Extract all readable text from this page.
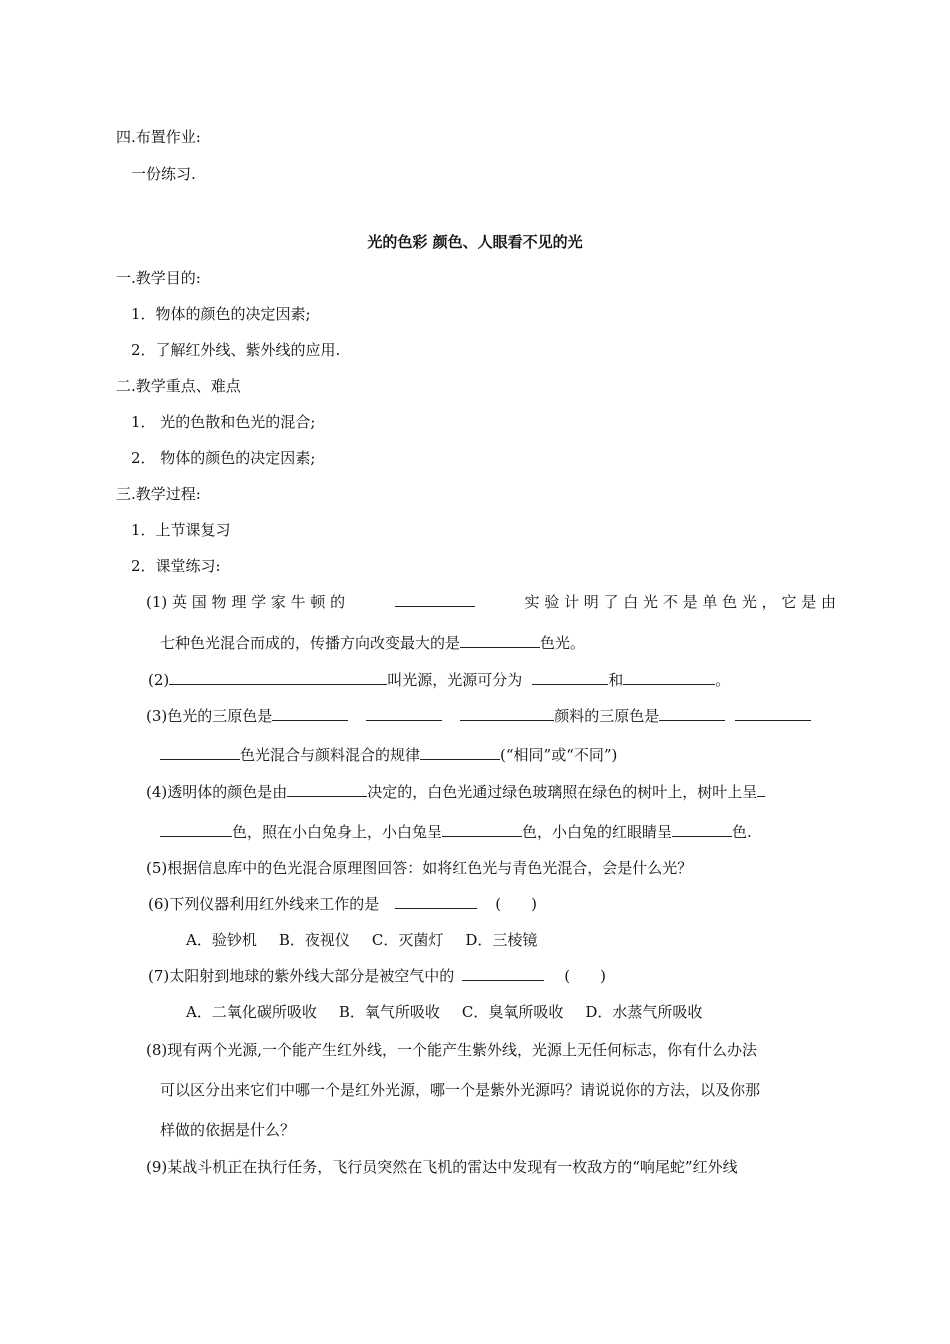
四.布置作业:
一份练习.
光的色彩 颜色、人眼看不见的光
一.教学目的:
1．物体的颜色的决定因素;
2．了解红外线、紫外线的应用.
二.教学重点、难点
1． 光的色散和色光的混合;
2． 物体的颜色的决定因素;
三.教学过程:
1．上节课复习
2．课堂练习:
(1) 英 国 物 理 学 家 牛 顿 的	实 验 计 明 了 白 光 不 是 单 色 光 ， 它 是 由
七种色光混合而成的，传播方向改变最大的是	色光。
(2)	叫光源，光源可分为	和	。
(3)色光的三原色是	颜料的三原色是
色光混合与颜料混合的规律	(“相同”或“不同”)
(4)透明体的颜色是由	决定的，白色光通过绿色玻璃照在绿色的树叶上，树叶上呈
色，照在小白兔身上，小白兔呈	色，小白兔的红眼睛呈	色.
(5)根据信息库中的色光混合原理图回答：如将红色光与青色光混合，会是什么光？
(6)下列仪器利用红外线来工作的是	(　　)
A．验钞机 B．夜视仪 C．灭菌灯 D．三棱镜
(7)太阳射到地球的紫外线大部分是被空气中的	(　　)
A．二氧化碳所吸收 B．氧气所吸收 C．臭氧所吸收 D．水蒸气所吸收
(8)现有两个光源,一个能产生红外线，一个能产生紫外线，光源上无任何标志，你有什么办法
可以区分出来它们中哪一个是红外光源，哪一个是紫外光源吗？请说说你的方法，以及你那
样做的依据是什么？
(9)某战斗机正在执行任务，飞行员突然在飞机的雷达中发现有一枚敌方的“响尾蛇”红外线
